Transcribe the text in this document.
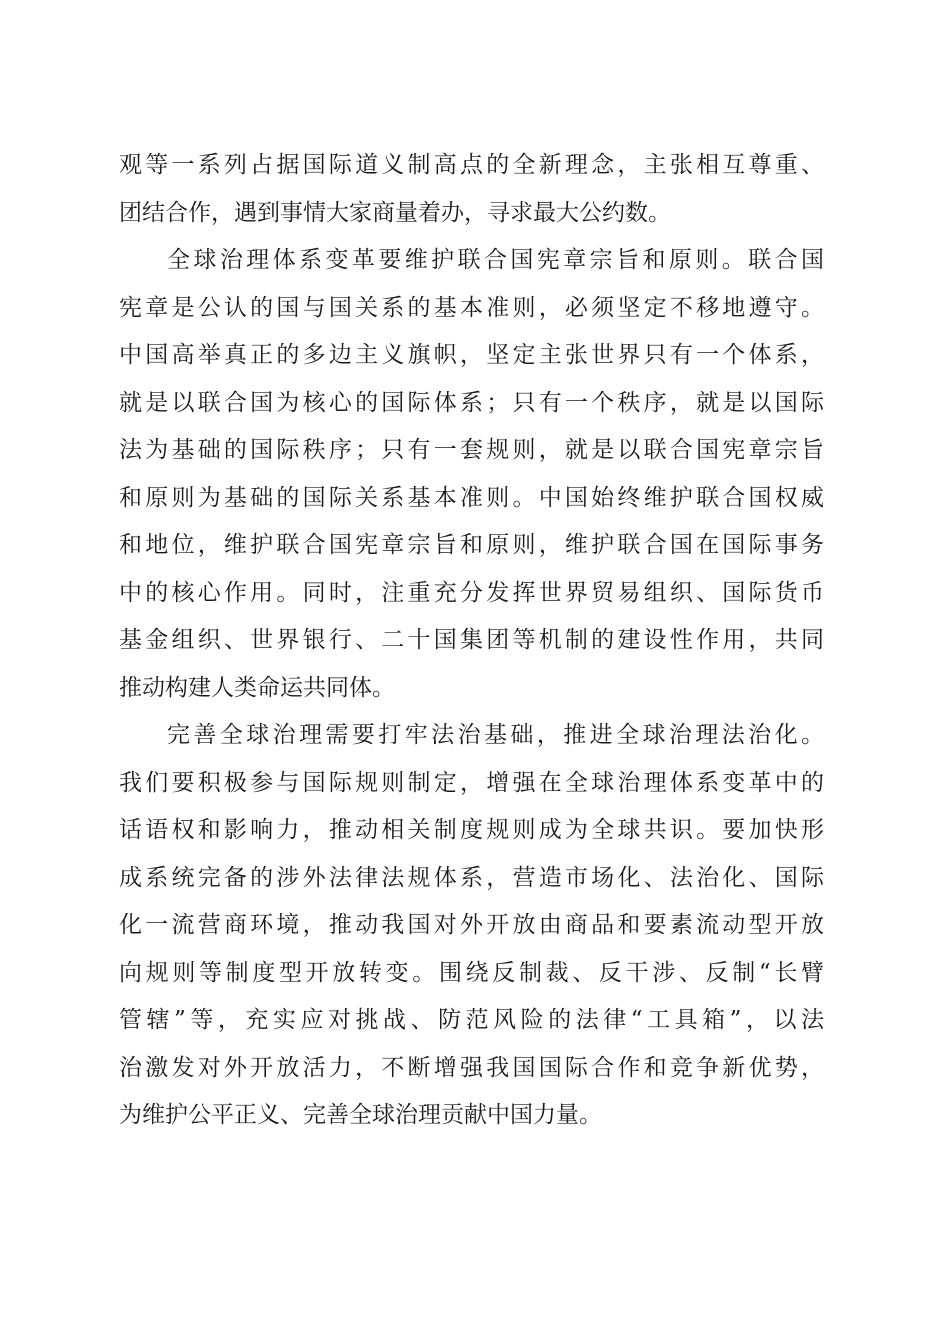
观等一系列占据国际道义制高点的全新理念，主张相互尊重、
团结合作，遇到事情大家商量着办，寻求最大公约数。
全球治理体系变革要维护联合国宪章宗旨和原则。联合国
宪章是公认的国与国关系的基本准则，必须坚定不移地遵守。
中国高举真正的多边主义旗帜，坚定主张世界只有一个体系，
就是以联合国为核心的国际体系；只有一个秩序，就是以国际
法为基础的国际秩序；只有一套规则，就是以联合国宪章宗旨
和原则为基础的国际关系基本准则。中国始终维护联合国权威
和地位，维护联合国宪章宗旨和原则，维护联合国在国际事务
中的核心作用。同时，注重充分发挥世界贸易组织、国际货币
基金组织、世界银行、二十国集团等机制的建设性作用，共同
推动构建人类命运共同体。
完善全球治理需要打牢法治基础，推进全球治理法治化。
我们要积极参与国际规则制定，增强在全球治理体系变革中的
话语权和影响力，推动相关制度规则成为全球共识。要加快形
成系统完备的涉外法律法规体系，营造市场化、法治化、国际
化一流营商环境，推动我国对外开放由商品和要素流动型开放
向规则等制度型开放转变。围绕反制裁、反干涉、反制“长臂
管辖”等，充实应对挑战、防范风险的法律“工具箱”，以法
治激发对外开放活力，不断增强我国国际合作和竞争新优势，
为维护公平正义、完善全球治理贡献中国力量。
